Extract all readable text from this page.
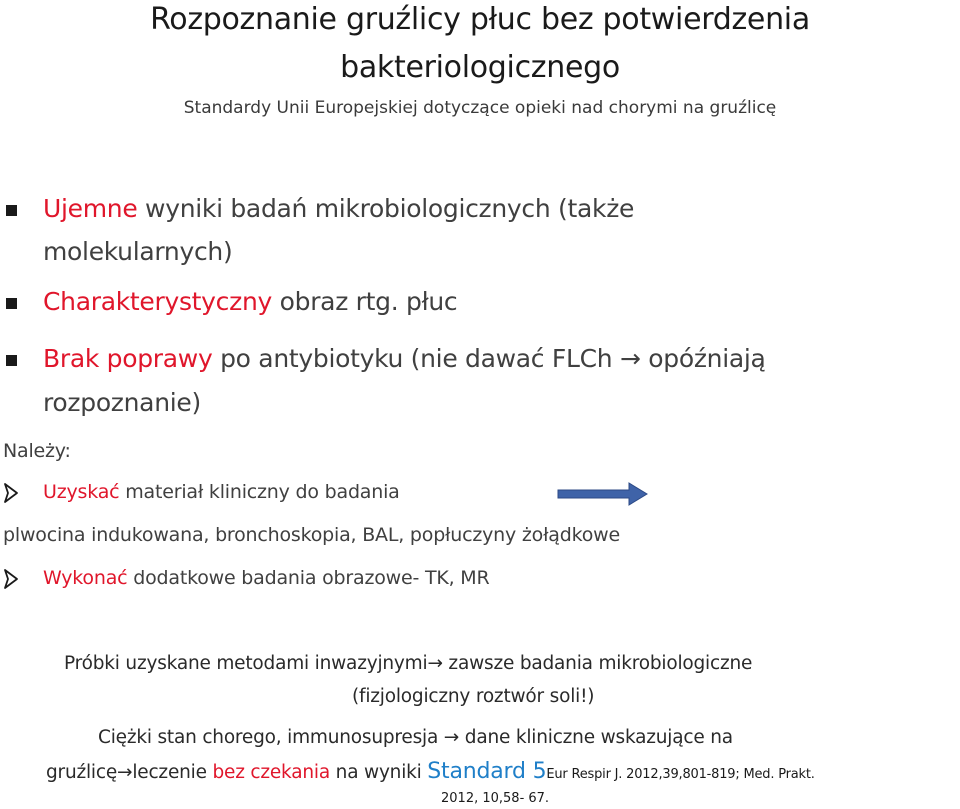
Rozpoznanie gruźlicy płuc bez potwierdzenia
bakteriologicznego
Standardy Unii Europejskiej dotyczące opieki nad chorymi na gruźlicę
Ujemne wyniki badań mikrobiologicznych (także
molekularnych)
Charakterystyczny obraz rtg. płuc
Brak poprawy po antybiotyku (nie dawać FLCh → opóźniają
rozpoznanie)
Należy:
Uzyskać materiał kliniczny do badania
plwocina indukowana, bronchoskopia, BAL, popłuczyny żołądkowe
Wykonać dodatkowe badania obrazowe- TK, MR
Próbki uzyskane metodami inwazyjnymi→ zawsze badania mikrobiologiczne
(fizjologiczny roztwór soli!)
Ciężki stan chorego, immunosupresja → dane kliniczne wskazujące na
gruźlicę→leczenie bez czekania na wyniki Standard 5Eur Respir J. 2012,39,801-819; Med. Prakt.
2012, 10,58- 67.
